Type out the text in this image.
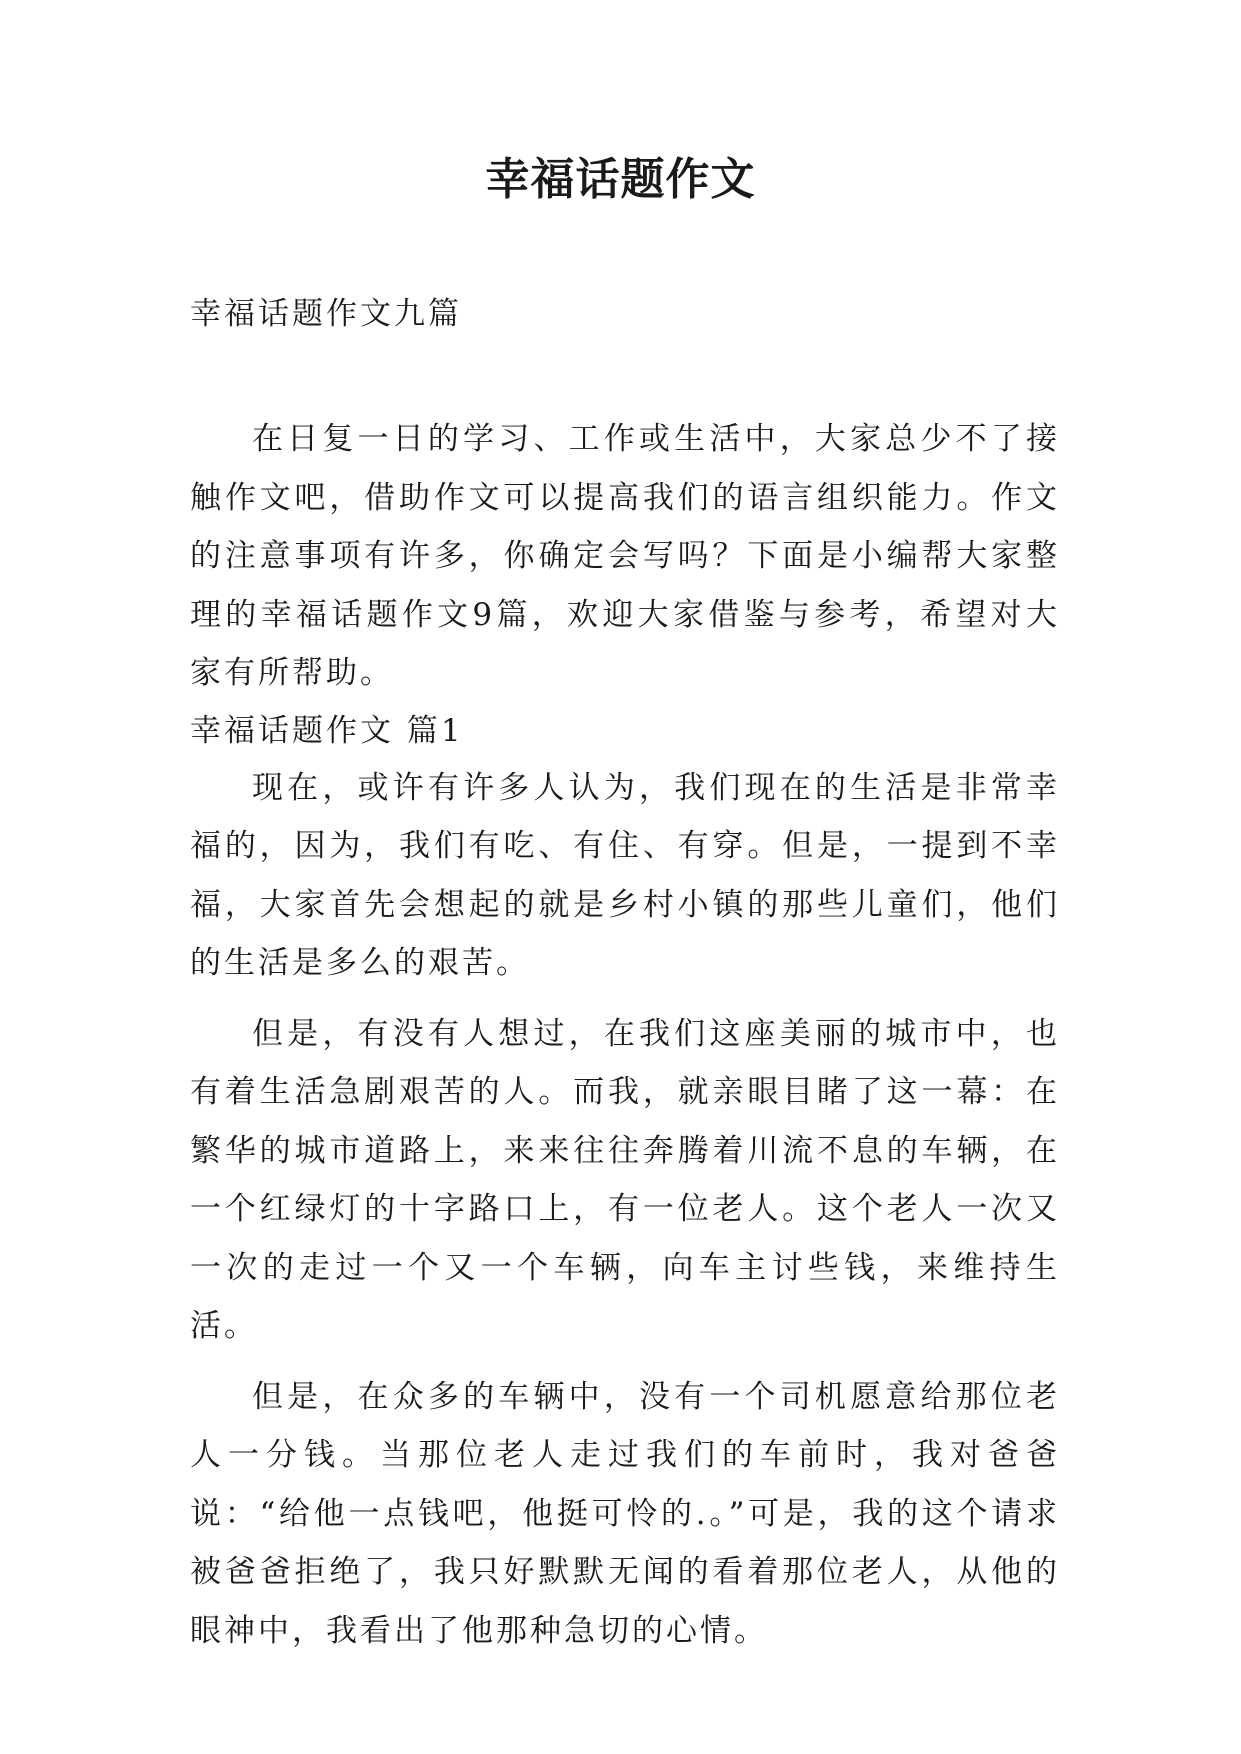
幸福话题作文

幸福话题作文九篇

在日复一日的学习、工作或生活中，大家总少不了接触作文吧，借助作文可以提高我们的语言组织能力。作文的注意事项有许多，你确定会写吗？下面是小编帮大家整理的幸福话题作文9篇，欢迎大家借鉴与参考，希望对大家有所帮助。

幸福话题作文 篇1

现在，或许有许多人认为，我们现在的生活是非常幸福的，因为，我们有吃、有住、有穿。但是，一提到不幸福，大家首先会想起的就是乡村小镇的那些儿童们，他们的生活是多么的艰苦。

但是，有没有人想过，在我们这座美丽的城市中，也有着生活急剧艰苦的人。而我，就亲眼目睹了这一幕：在繁华的城市道路上，来来往往奔腾着川流不息的车辆，在一个红绿灯的十字路口上，有一位老人。这个老人一次又一次的走过一个又一个车辆，向车主讨些钱，来维持生活。

但是，在众多的车辆中，没有一个司机愿意给那位老人一分钱。当那位老人走过我们的车前时，我对爸爸说：“给他一点钱吧，他挺可怜的.。”可是，我的这个请求被爸爸拒绝了，我只好默默无闻的看着那位老人，从他的眼神中，我看出了他那种急切的心情。
